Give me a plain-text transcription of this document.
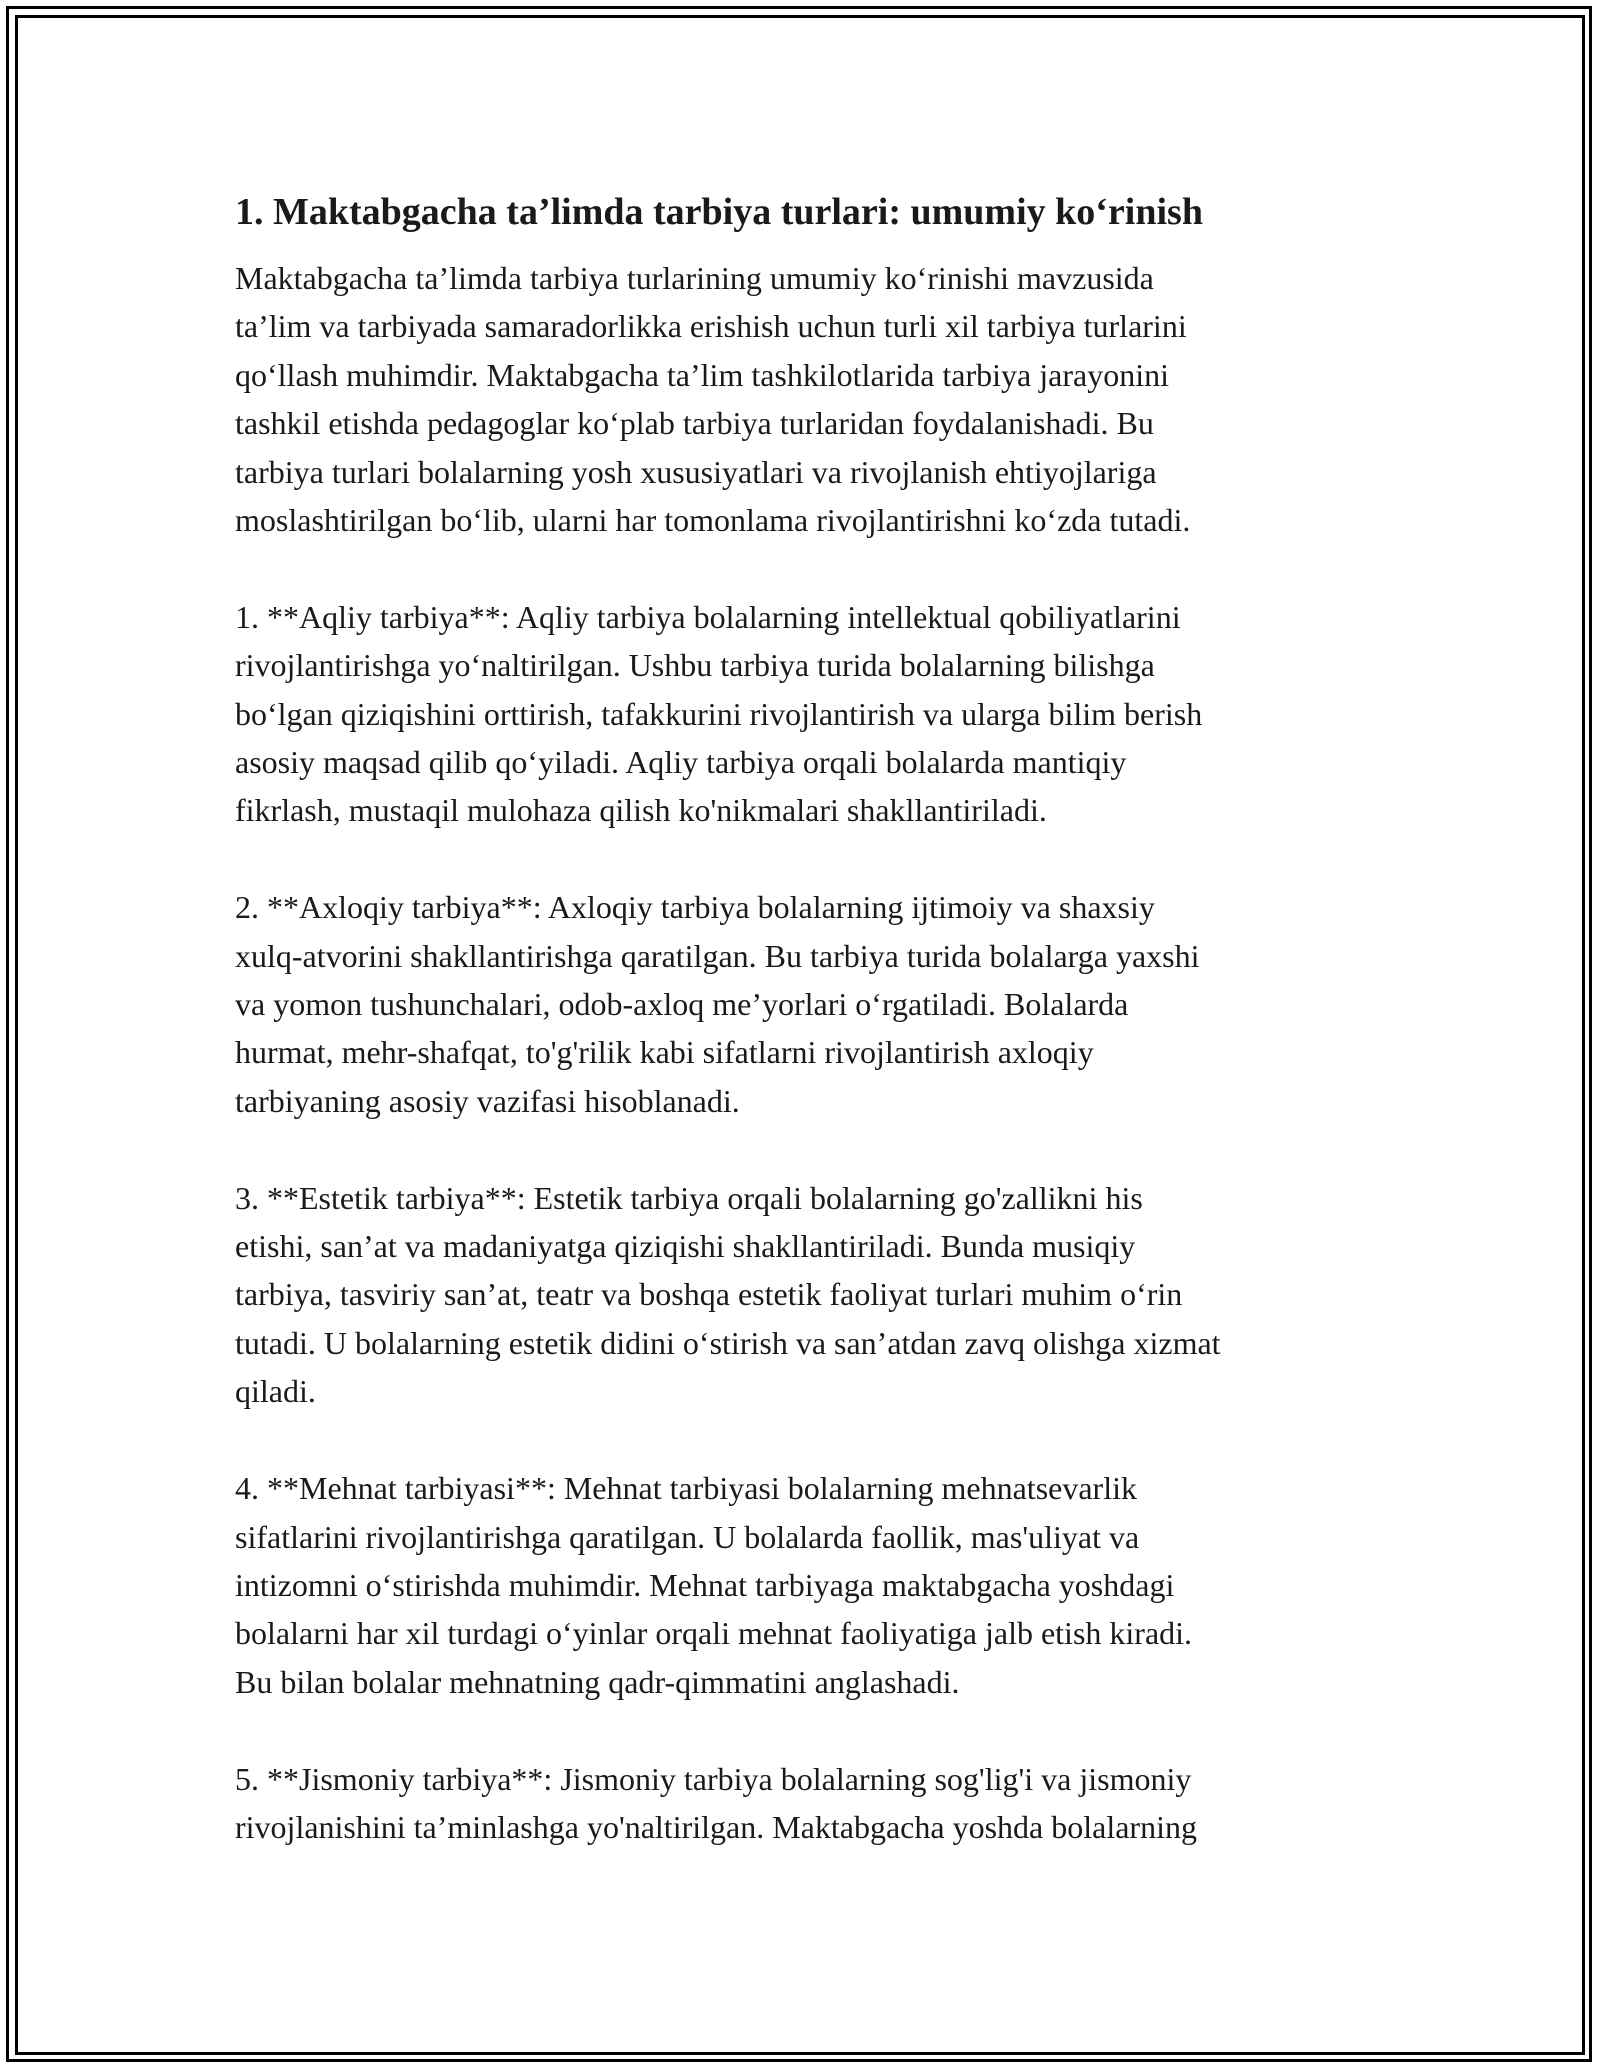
1. Maktabgacha ta’limda tarbiya turlari: umumiy ko‘rinish

Maktabgacha ta’limda tarbiya turlarining umumiy ko‘rinishi mavzusida
ta’lim va tarbiyada samaradorlikka erishish uchun turli xil tarbiya turlarini
qo‘llash muhimdir. Maktabgacha ta’lim tashkilotlarida tarbiya jarayonini
tashkil etishda pedagoglar ko‘plab tarbiya turlaridan foydalanishadi. Bu
tarbiya turlari bolalarning yosh xususiyatlari va rivojlanish ehtiyojlariga
moslashtirilgan bo‘lib, ularni har tomonlama rivojlantirishni ko‘zda tutadi.

1. **Aqliy tarbiya**: Aqliy tarbiya bolalarning intellektual qobiliyatlarini
rivojlantirishga yo‘naltirilgan. Ushbu tarbiya turida bolalarning bilishga
bo‘lgan qiziqishini orttirish, tafakkurini rivojlantirish va ularga bilim berish
asosiy maqsad qilib qo‘yiladi. Aqliy tarbiya orqali bolalarda mantiqiy
fikrlash, mustaqil mulohaza qilish ko'nikmalari shakllantiriladi.

2. **Axloqiy tarbiya**: Axloqiy tarbiya bolalarning ijtimoiy va shaxsiy
xulq-atvorini shakllantirishga qaratilgan. Bu tarbiya turida bolalarga yaxshi
va yomon tushunchalari, odob-axloq me’yorlari o‘rgatiladi. Bolalarda
hurmat, mehr-shafqat, to'g'rilik kabi sifatlarni rivojlantirish axloqiy
tarbiyaning asosiy vazifasi hisoblanadi.

3. **Estetik tarbiya**: Estetik tarbiya orqali bolalarning go'zallikni his
etishi, san’at va madaniyatga qiziqishi shakllantiriladi. Bunda musiqiy
tarbiya, tasviriy san’at, teatr va boshqa estetik faoliyat turlari muhim o‘rin
tutadi. U bolalarning estetik didini o‘stirish va san’atdan zavq olishga xizmat
qiladi.

4. **Mehnat tarbiyasi**: Mehnat tarbiyasi bolalarning mehnatsevarlik
sifatlarini rivojlantirishga qaratilgan. U bolalarda faollik, mas'uliyat va
intizomni o‘stirishda muhimdir. Mehnat tarbiyaga maktabgacha yoshdagi
bolalarni har xil turdagi o‘yinlar orqali mehnat faoliyatiga jalb etish kiradi.
Bu bilan bolalar mehnatning qadr-qimmatini anglashadi.

5. **Jismoniy tarbiya**: Jismoniy tarbiya bolalarning sog'lig'i va jismoniy
rivojlanishini ta’minlashga yo'naltirilgan. Maktabgacha yoshda bolalarning
